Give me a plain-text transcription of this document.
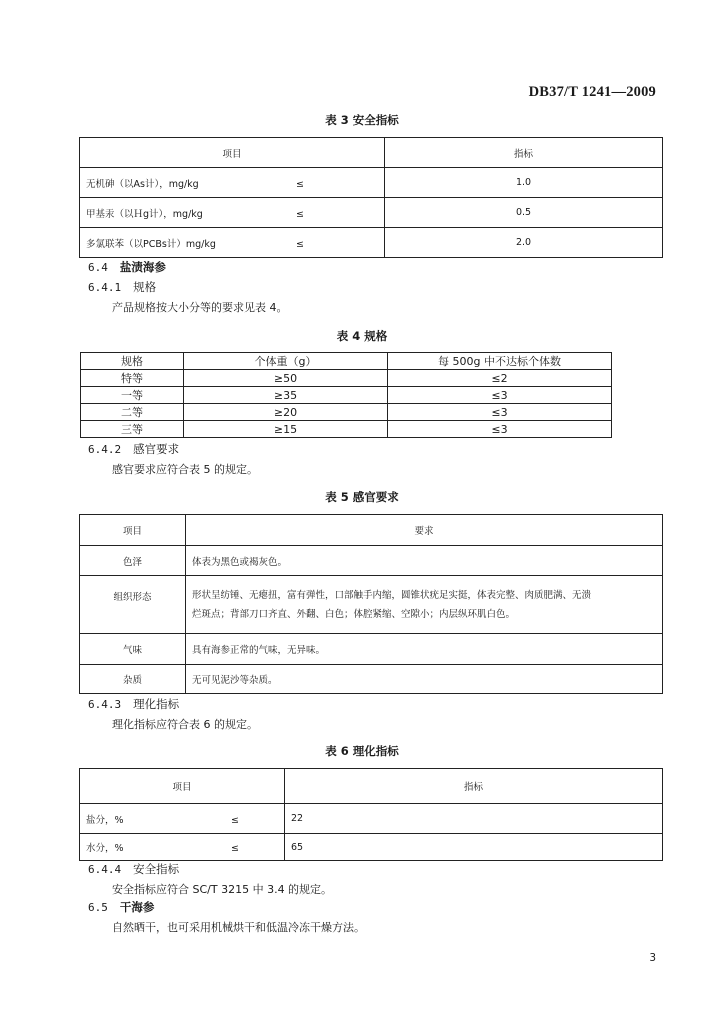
DB37/T 1241—2009
表 3 安全指标
项目	指标
无机砷（以As计），mg/kg ≤	1.0
甲基汞（以Ｈg计），mg/kg ≤	0.5
多氯联苯（以PCBs计）mg/kg ≤	2.0
6.4 盐渍海参
6.4.1 规格
产品规格按大小分等的要求见表 4。
表 4 规格
规格	个体重（g）	每 500g 中不达标个体数
特等	≥50	≤2
一等	≥35	≤3
二等	≥20	≤3
三等	≥15	≤3
6.4.2 感官要求
感官要求应符合表 5 的规定。
表 5 感官要求
项目	要求
色泽	体表为黑色或褐灰色。
组织形态	形状呈纺锤、无瘪扭，富有弹性，口部触手内缩，圆锥状疣足实挺，体表完整、肉质肥满、无溃
烂斑点；背部刀口齐直、外翻、白色；体腔紧缩、空隙小；内层纵环肌白色。

气味	具有海参正常的气味，无异味。
杂质	无可见泥沙等杂质。
6.4.3 理化指标
理化指标应符合表 6 的规定。
表 6 理化指标
项目	指标
盐分，% ≤	22
水分，% ≤	65
6.4.4 安全指标
安全指标应符合 SC/T 3215 中 3.4 的规定。
6.5 干海参
自然晒干，也可采用机械烘干和低温冷冻干燥方法。
3
